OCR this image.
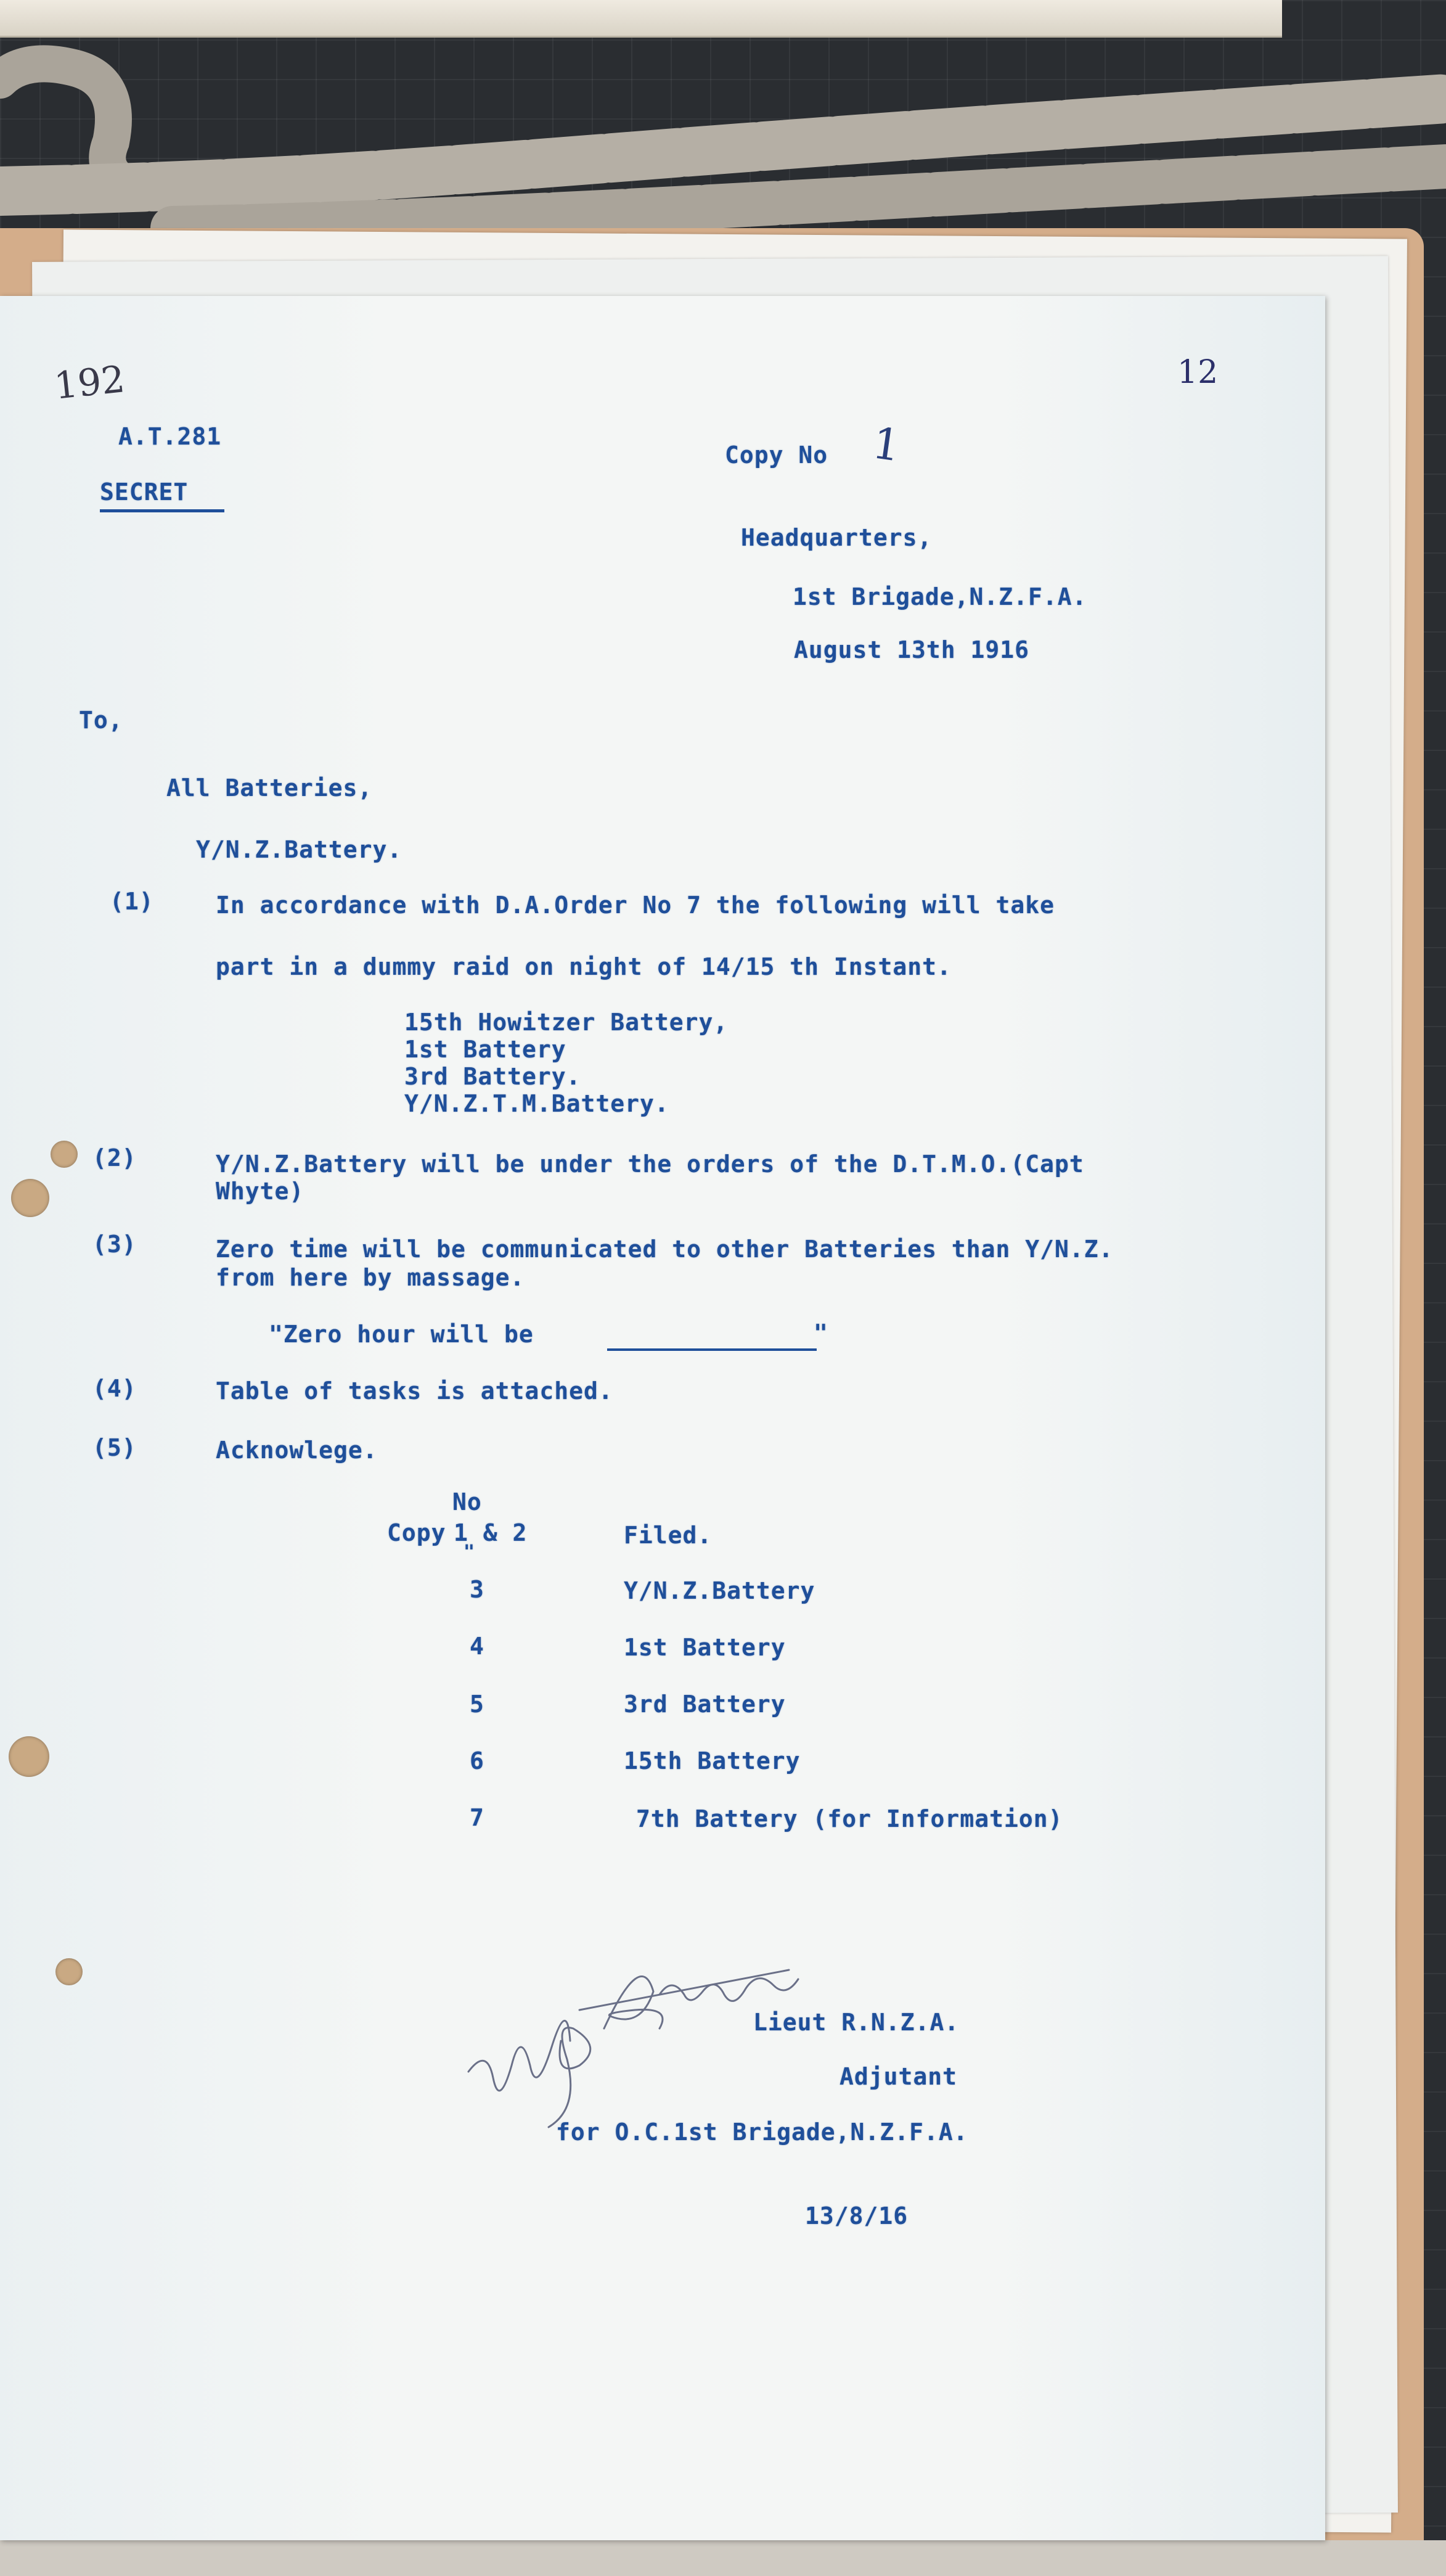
192	12
A.T.281
SECRET
Copy No 1
Headquarters,
1st Brigade,N.Z.F.A.
August 13th 1916
To,
All Batteries,
Y/N.Z.Battery.
(1)	In accordance with D.A.Order No 7 the following will take
part in a dummy raid on night of 14/15 th Instant.
15th Howitzer Battery,
1st Battery
3rd Battery.
Y/N.Z.T.M.Battery.
(2)	Y/N.Z.Battery will be under the orders of the D.T.M.O.(Capt
Whyte)
(3)	Zero time will be communicated to other Batteries than Y/N.Z.
from here by massage.
"Zero hour will be	"
(4)	Table of tasks is attached.
(5)	Acknowlege.
No
Copy
"
1 & 2	Filed.
3	Y/N.Z.Battery
4	1st Battery
5	3rd Battery
6	15th Battery
7	7th Battery (for Information)
Lieut R.N.Z.A.
Adjutant
for O.C.1st Brigade,N.Z.F.A.
13/8/16
